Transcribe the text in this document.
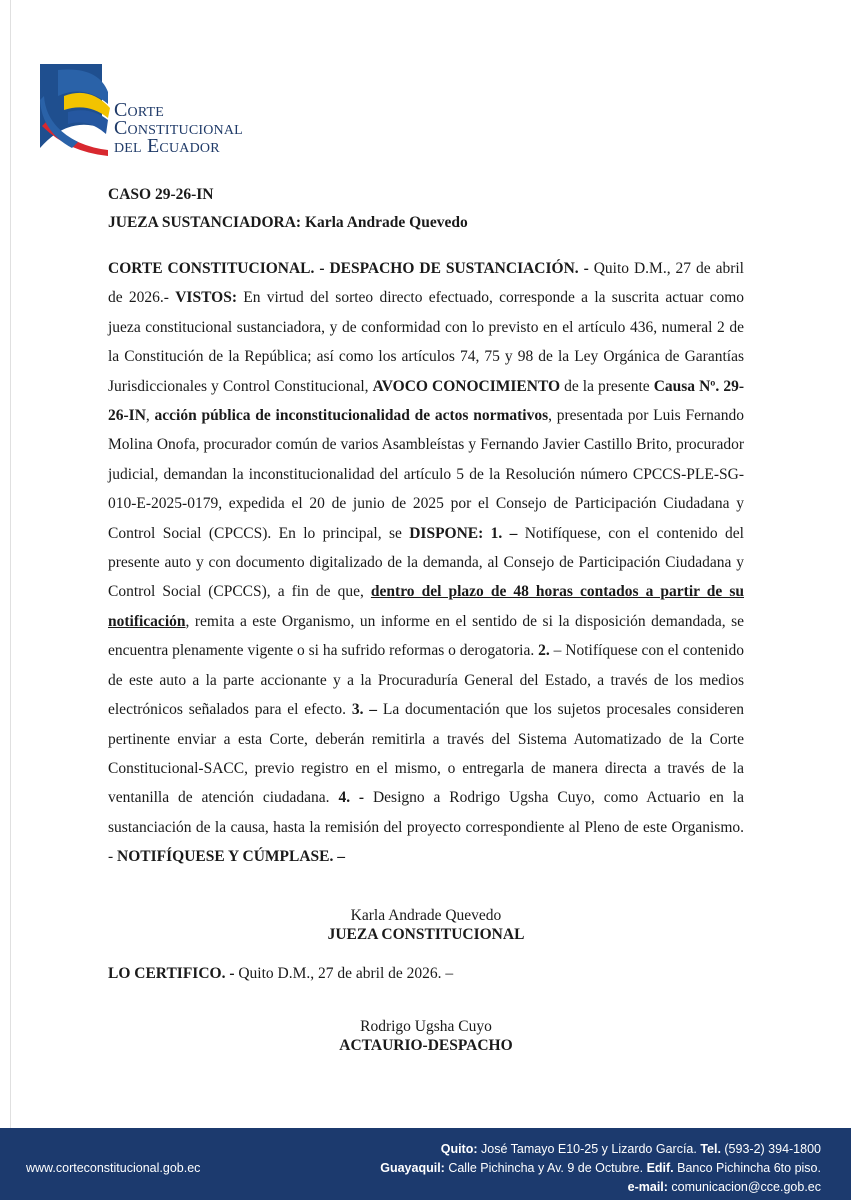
Corte
Constitucional
del Ecuador
CASO 29-26-IN
JUEZA SUSTANCIADORA: Karla Andrade Quevedo
CORTE CONSTITUCIONAL. - DESPACHO DE SUSTANCIACIÓN. - Quito D.M., 27 de abril de 2026.- VISTOS: En virtud del sorteo directo efectuado, corresponde a la suscrita actuar como jueza constitucional sustanciadora, y de conformidad con lo previsto en el artículo 436, numeral 2 de la Constitución de la República; así como los artículos 74, 75 y 98 de la Ley Orgánica de Garantías Jurisdiccionales y Control Constitucional, AVOCO CONOCIMIENTO de la presente Causa Nº. 29-26-IN, acción pública de inconstitucionalidad de actos normativos, presentada por Luis Fernando Molina Onofa, procurador común de varios Asambleístas y Fernando Javier Castillo Brito, procurador judicial, demandan la inconstitucionalidad del artículo 5 de la Resolución número CPCCS-PLE-SG-010-E-2025-0179, expedida el 20 de junio de 2025 por el Consejo de Participación Ciudadana y Control Social (CPCCS). En lo principal, se DISPONE: 1. – Notifíquese, con el contenido del presente auto y con documento digitalizado de la demanda, al Consejo de Participación Ciudadana y Control Social (CPCCS), a fin de que, dentro del plazo de 48 horas contados a partir de su notificación, remita a este Organismo, un informe en el sentido de si la disposición demandada, se encuentra plenamente vigente o si ha sufrido reformas o derogatoria. 2. – Notifíquese con el contenido de este auto a la parte accionante y a la Procuraduría General del Estado, a través de los medios electrónicos señalados para el efecto. 3. – La documentación que los sujetos procesales consideren pertinente enviar a esta Corte, deberán remitirla a través del Sistema Automatizado de la Corte Constitucional-SACC, previo registro en el mismo, o entregarla de manera directa a través de la ventanilla de atención ciudadana. 4. - Designo a Rodrigo Ugsha Cuyo, como Actuario en la sustanciación de la causa, hasta la remisión del proyecto correspondiente al Pleno de este Organismo. - NOTIFÍQUESE Y CÚMPLASE. –
Karla Andrade Quevedo
JUEZA CONSTITUCIONAL
LO CERTIFICO. - Quito D.M., 27 de abril de 2026. –
Rodrigo Ugsha Cuyo
ACTAURIO-DESPACHO
www.corteconstitucional.gob.ec
Quito: José Tamayo E10-25 y Lizardo García. Tel. (593-2) 394-1800
Guayaquil: Calle Pichincha y Av. 9 de Octubre. Edif. Banco Pichincha 6to piso.
e-mail: comunicacion@cce.gob.ec
